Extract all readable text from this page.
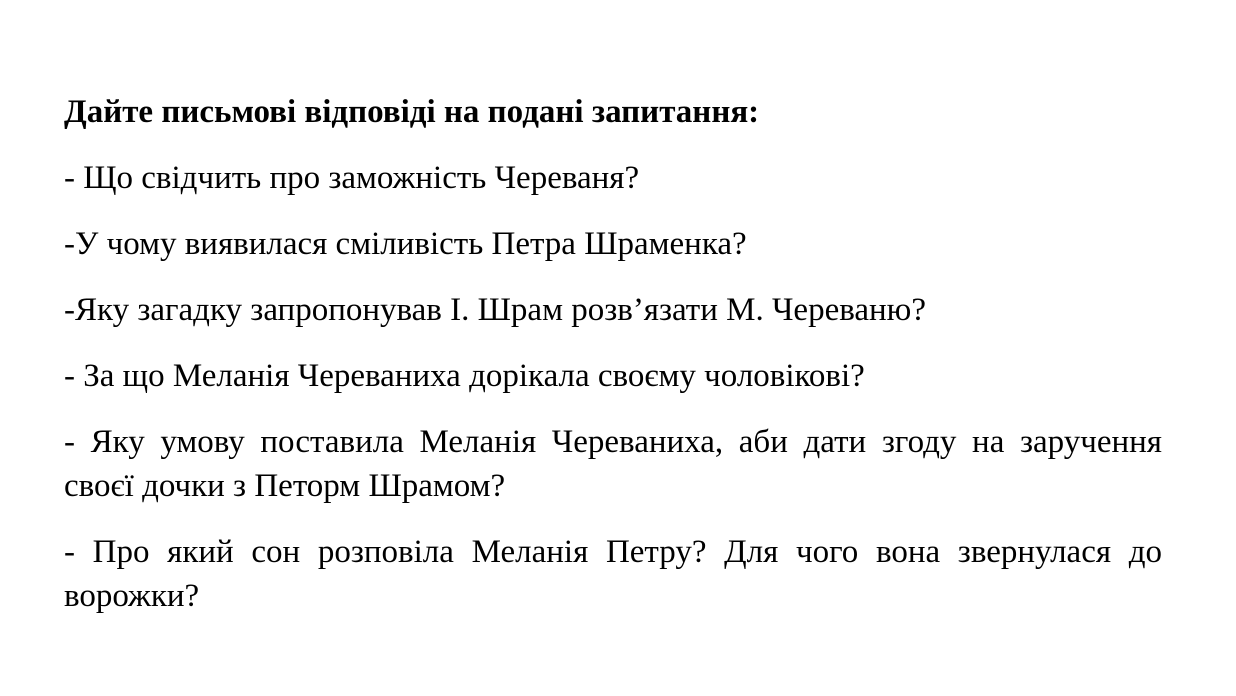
Дайте письмові відповіді на подані запитання:
- Що свідчить про заможність Череваня?
-У чому виявилася сміливість Петра Шраменка?
-Яку загадку запропонував І. Шрам розв’язати М. Череваню?
- За що Меланія Череваниха дорікала своєму чоловікові?
- Яку умову поставила Меланія Череваниха, аби дати згоду на заручення своєї дочки з Петорм Шрамом?
- Про який сон розповіла Меланія Петру? Для чого вона звернулася до ворожки?
